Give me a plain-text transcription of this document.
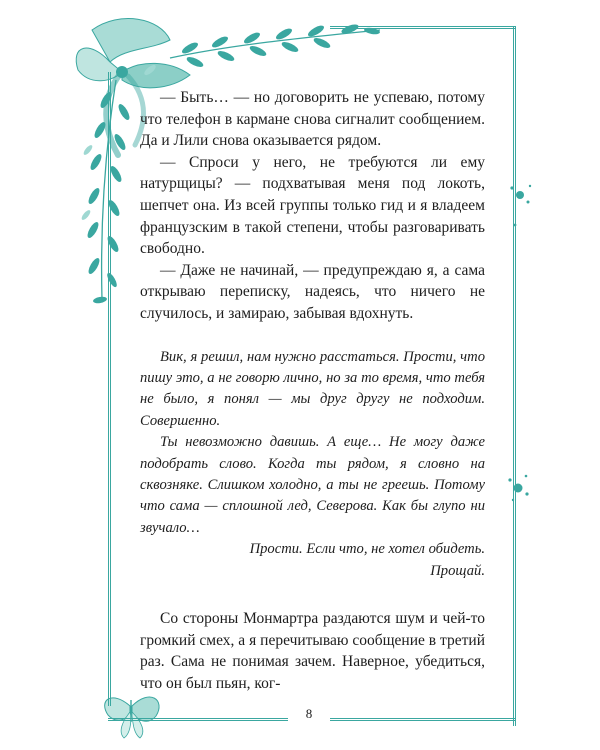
— Быть… — но договорить не успеваю, потому что телефон в кармане снова сигналит сообщением. Да и Лили снова оказывается рядом.

— Спроси у него, не требуются ли ему натурщицы? — подхватывая меня под локоть, шепчет она. Из всей группы только гид и я владеем французским в такой степени, чтобы разговаривать свободно.

— Даже не начинай, — предупреждаю я, а сама открываю переписку, надеясь, что ничего не случилось, и замираю, забывая вдохнуть.

Вик, я решил, нам нужно расстаться. Прости, что пишу это, а не говорю лично, но за то время, что тебя не было, я понял — мы друг другу не подходим. Совершенно.

Ты невозможно давишь. А еще… Не могу даже подобрать слово. Когда ты рядом, я словно на сквозняке. Слишком холодно, а ты не греешь. Потому что сама — сплошной лед, Северова. Как бы глупо ни звучало…

Прости. Если что, не хотел обидеть.

Прощай.

Со стороны Монмартра раздаются шум и чей-то громкий смех, а я перечитываю сообщение в третий раз. Сама не понимая зачем. Наверное, убедиться, что он был пьян, ког-

8
